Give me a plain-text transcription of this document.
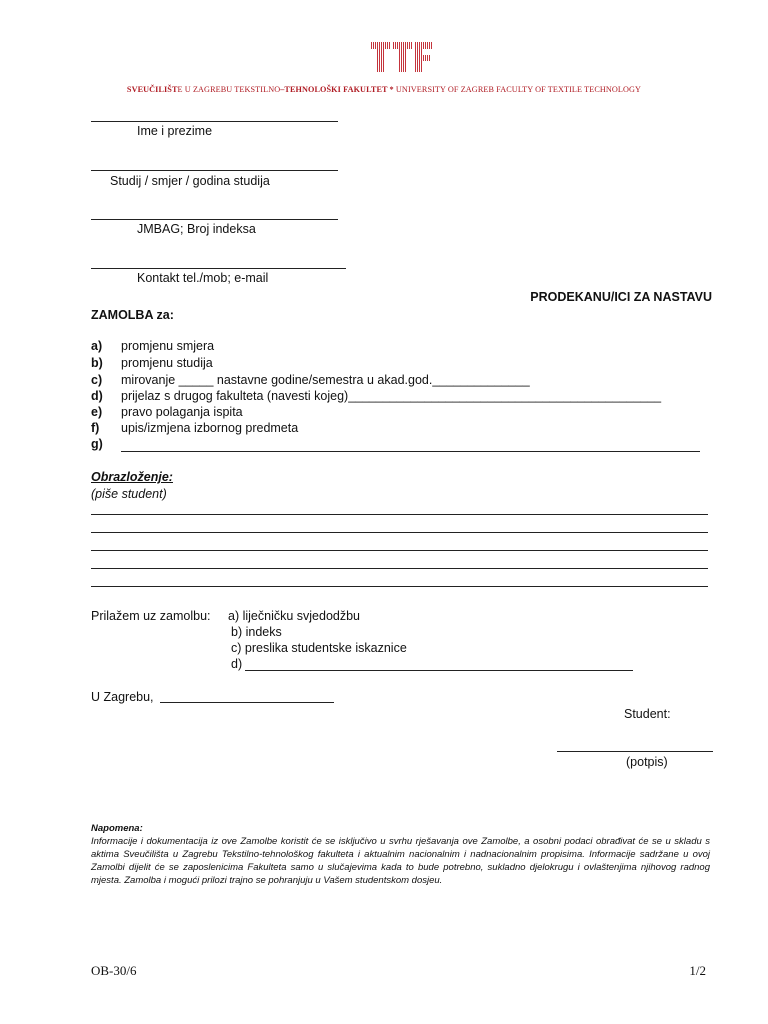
SVEUČILIŠTE U ZAGREBU TEKSTILNO–TEHNOLOŠKI FAKULTET * UNIVERSITY OF ZAGREB FACULTY OF TEXTILE TECHNOLOGY
Ime i prezime
Studij / smjer / godina studija
JMBAG; Broj indeksa
Kontakt tel./mob; e-mail
PRODEKANU/ICI ZA NASTAVU
ZAMOLBA za:
a) promjenu smjera
b) promjenu studija
c) mirovanje _____ nastavne godine/semestra u akad.god.______________
d) prijelaz s drugog fakulteta (navesti kojeg)_____________________________________________
e) pravo polaganja ispita
f) upis/izmjena izbornog predmeta
g)
Obrazloženje:
(piše student)
Prilažem uz zamolbu: a) liječničku svjedodžbu
b) indeks
c) preslika studentske iskaznice
d)
U Zagrebu,
Student:
(potpis)
Napomena:
Informacije i dokumentacija iz ove Zamolbe koristit će se isključivo u svrhu rješavanja ove Zamolbe, a osobni podaci obrađivat će se u skladu s aktima Sveučilišta u Zagrebu Tekstilno-tehnološkog fakulteta i aktualnim nacionalnim i nadnacionalnim propisima. Informacije sadržane u ovoj Zamolbi dijelit će se zaposlenicima Fakulteta samo u slučajevima kada to bude potrebno, sukladno djelokrugu i ovlaštenjima njihovog radnog mjesta. Zamolba i mogući prilozi trajno se pohranjuju u Vašem studentskom dosjeu.
OB-30/6	1/2
